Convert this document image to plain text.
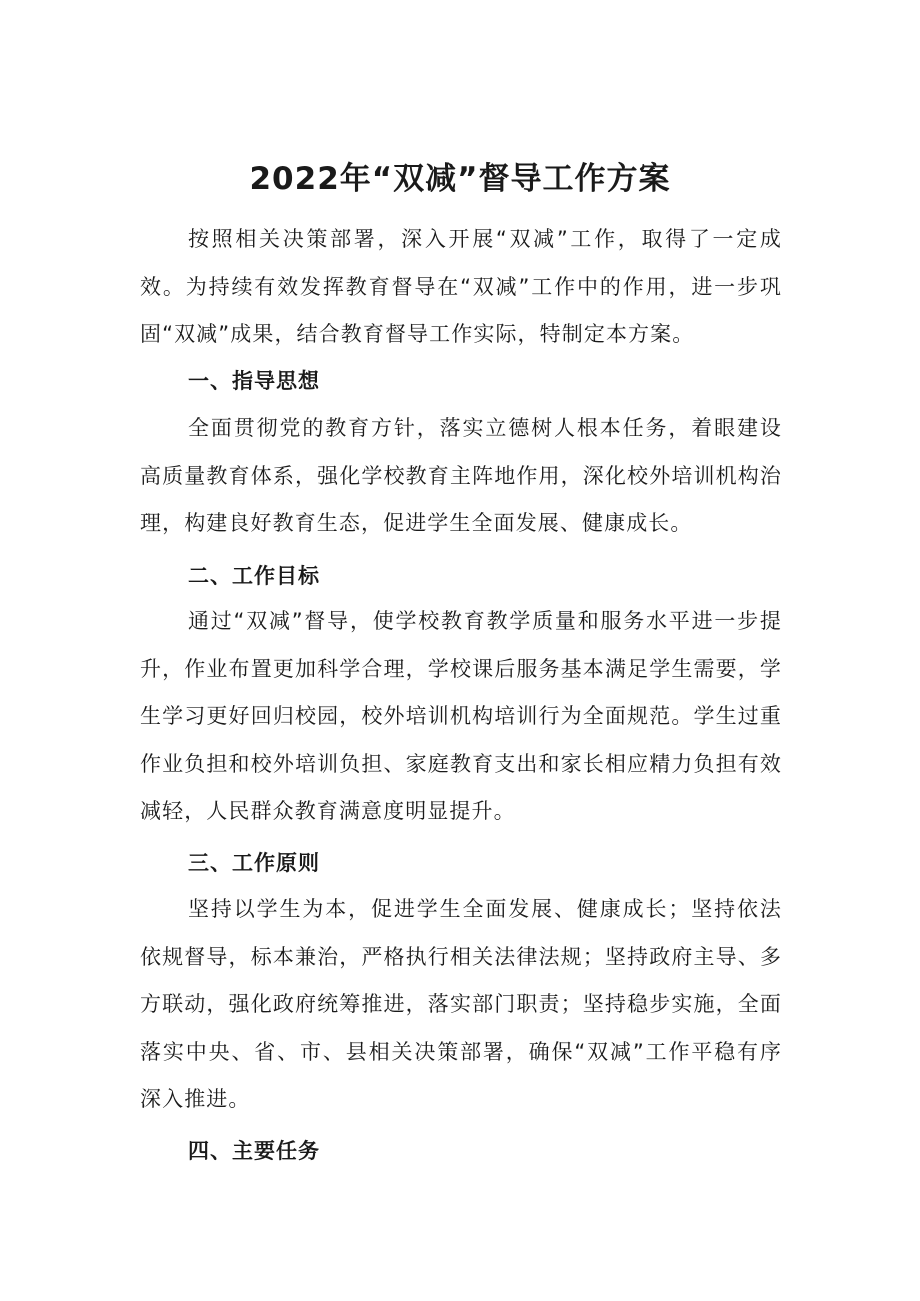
2022年“双减”督导工作方案

按照相关决策部署，深入开展“双减”工作，取得了一定成效。为持续有效发挥教育督导在“双减”工作中的作用，进一步巩固“双减”成果，结合教育督导工作实际，特制定本方案。

一、指导思想

全面贯彻党的教育方针，落实立德树人根本任务，着眼建设高质量教育体系，强化学校教育主阵地作用，深化校外培训机构治理，构建良好教育生态，促进学生全面发展、健康成长。

二、工作目标

通过“双减”督导，使学校教育教学质量和服务水平进一步提升，作业布置更加科学合理，学校课后服务基本满足学生需要，学生学习更好回归校园，校外培训机构培训行为全面规范。学生过重作业负担和校外培训负担、家庭教育支出和家长相应精力负担有效减轻，人民群众教育满意度明显提升。

三、工作原则

坚持以学生为本，促进学生全面发展、健康成长；坚持依法依规督导，标本兼治，严格执行相关法律法规；坚持政府主导、多方联动，强化政府统筹推进，落实部门职责；坚持稳步实施，全面落实中央、省、市、县相关决策部署，确保“双减”工作平稳有序深入推进。

四、主要任务
